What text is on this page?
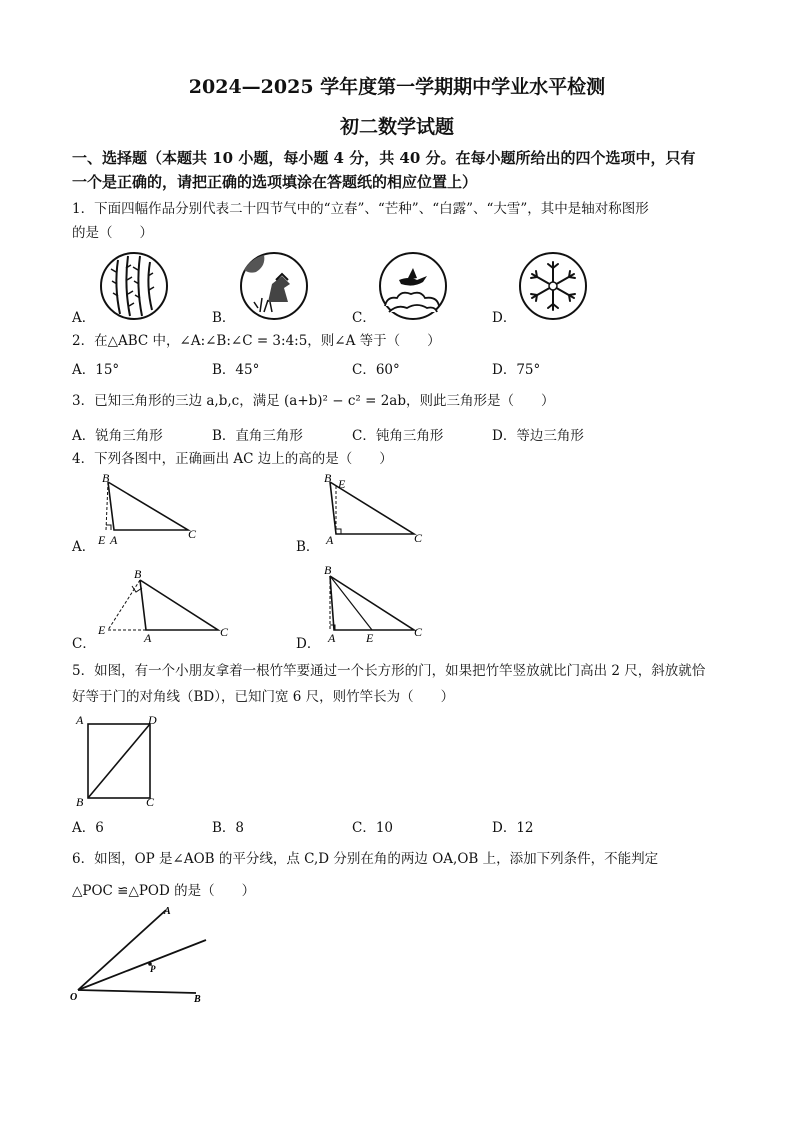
2024—2025 学年度第一学期期中学业水平检测
初二数学试题
一、选择题（本题共 10 小题，每小题 4 分，共 40 分。在每小题所给出的四个选项中，只有
一个是正确的，请把正确的选项填涂在答题纸的相应位置上）
1．下面四幅作品分别代表二十四节气中的“立春”、“芒种”、“白露”、“大雪”，其中是轴对称图形
的是（　　）
A．	B．	C．	D．
2．在△ABC 中，∠A:∠B:∠C = 3:4:5，则∠A 等于（　　）
A．15°	B．45°	C．60°	D．75°
3．已知三角形的三边 a,b,c，满足 (a+b)² − c² = 2ab，则此三角形是（　　）
A．锐角三角形	B．直角三角形	C．钝角三角形	D．等边三角形
4．下列各图中，正确画出 AC 边上的高的是（　　）
A．	B．
C．	D．
B
E A	C
B E
A	C
B
E
A	C
B
A	E	C
5．如图，有一个小朋友拿着一根竹竿要通过一个长方形的门，如果把竹竿竖放就比门高出 2 尺，斜放就恰
好等于门的对角线（BD），已知门宽 6 尺，则竹竿长为（　　）
A	D
B	C
A．6	B．8	C．10	D．12
6．如图，OP 是∠AOB 的平分线，点 C,D 分别在角的两边 OA,OB 上，添加下列条件，不能判定
△POC ≌△POD 的是（　　）
A
P
O	B
